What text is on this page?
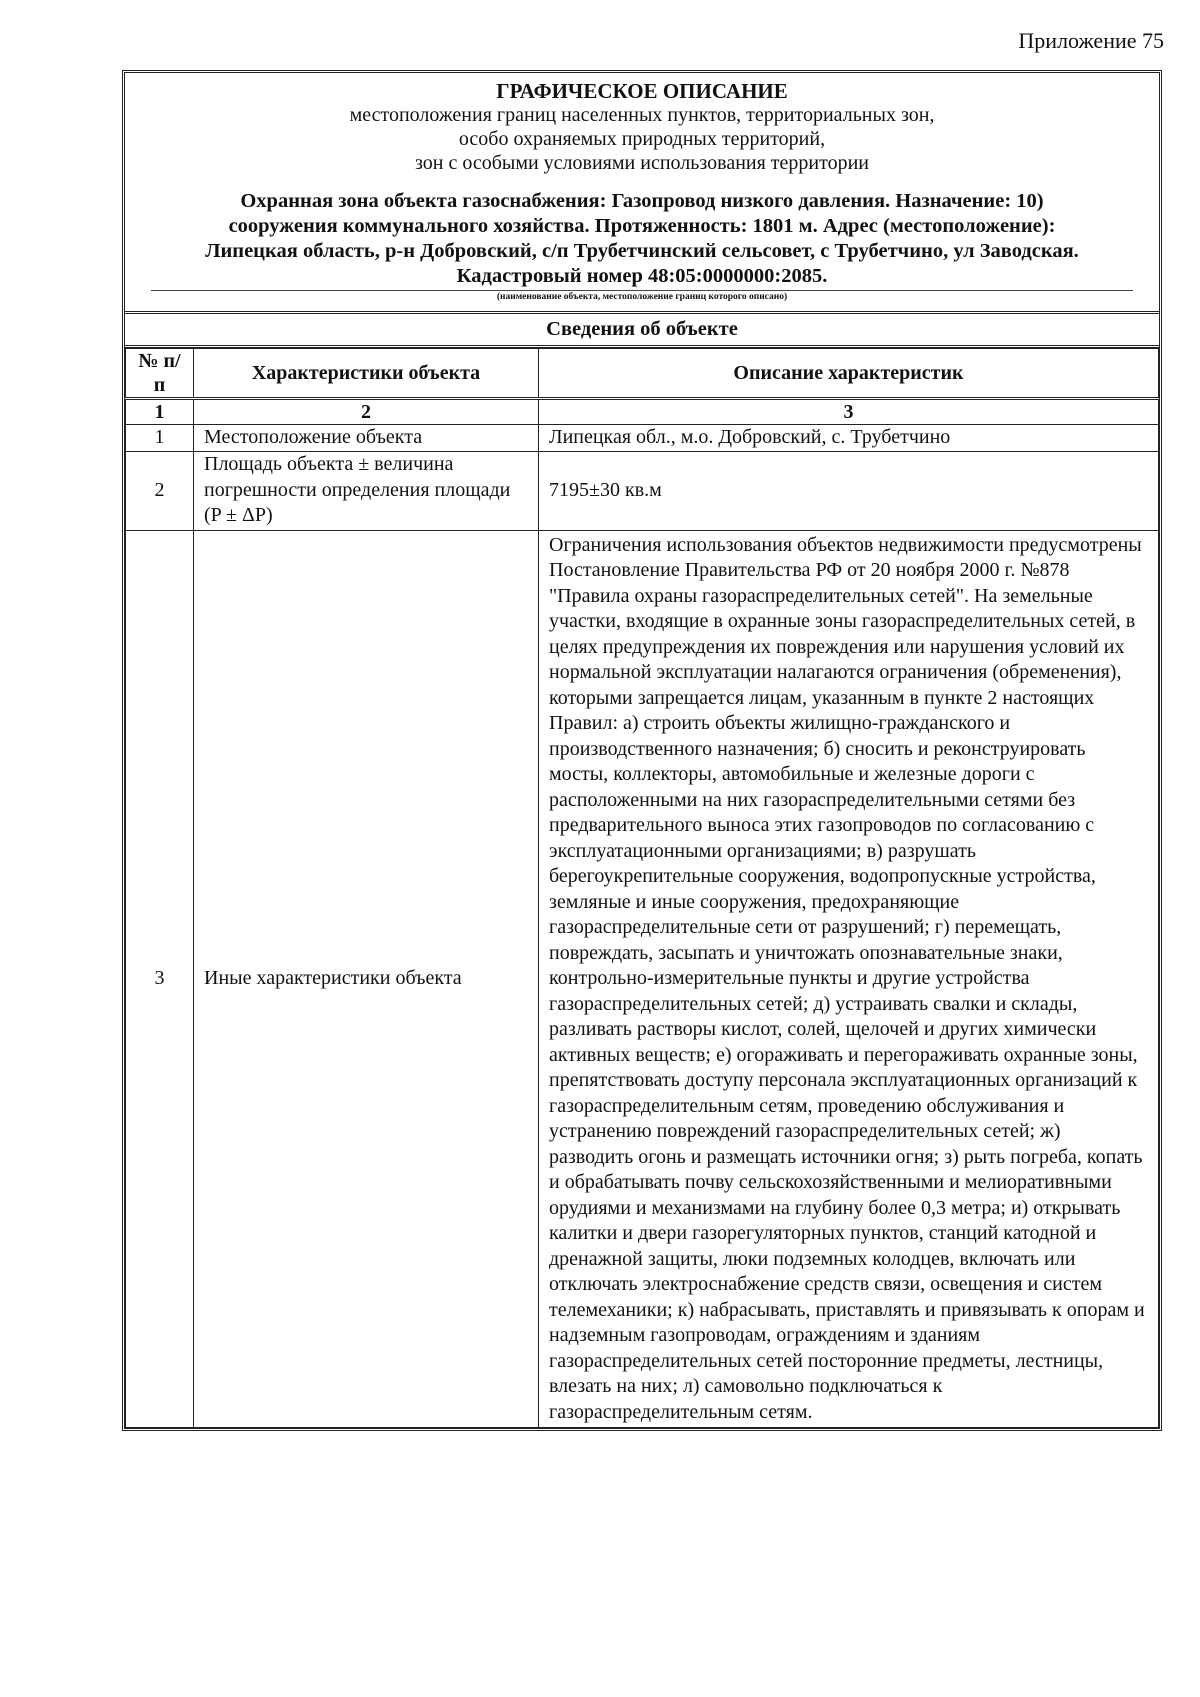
Приложение 75
ГРАФИЧЕСКОЕ ОПИСАНИЕ
местоположения границ населенных пунктов, территориальных зон,
особо охраняемых природных территорий,
зон с особыми условиями использования территории
Охранная зона объекта газоснабжения: Газопровод низкого давления. Назначение: 10)
сооружения коммунального хозяйства. Протяженность: 1801 м. Адрес (местоположение):
Липецкая область, р-н Добровский, с/п Трубетчинский сельсовет, с Трубетчино, ул Заводская.
Кадастровый номер 48:05:0000000:2085.
(наименование объекта, местоположение границ которого описано)
Сведения об объекте
№ п/п	Характеристики объекта	Описание характеристик
1	2	3
1	Местоположение объекта	Липецкая обл., м.о. Добровский, с. Трубетчино
2	Площадь объекта ± величина погрешности определения площади (P ± ΔP)	7195±30 кв.м
3	Иные характеристики объекта	Ограничения использования объектов недвижимости предусмотрены Постановление Правительства РФ от 20 ноября 2000 г. №878 "Правила охраны газораспределительных сетей". На земельные участки, входящие в охранные зоны газораспределительных сетей, в целях предупреждения их повреждения или нарушения условий их нормальной эксплуатации налагаются ограничения (обременения), которыми запрещается лицам, указанным в пункте 2 настоящих Правил: а) строить объекты жилищно-гражданского и производственного назначения; б) сносить и реконструировать мосты, коллекторы, автомобильные и железные дороги с расположенными на них газораспределительными сетями без предварительного выноса этих газопроводов по согласованию с эксплуатационными организациями; в) разрушать берегоукрепительные сооружения, водопропускные устройства, земляные и иные сооружения, предохраняющие газораспределительные сети от разрушений; г) перемещать, повреждать, засыпать и уничтожать опознавательные знаки, контрольно-измерительные пункты и другие устройства газораспределительных сетей; д) устраивать свалки и склады, разливать растворы кислот, солей, щелочей и других химически активных веществ; е) огораживать и перегораживать охранные зоны, препятствовать доступу персонала эксплуатационных организаций к газораспределительным сетям, проведению обслуживания и устранению повреждений газораспределительных сетей; ж) разводить огонь и размещать источники огня; з) рыть погреба, копать и обрабатывать почву сельскохозяйственными и мелиоративными орудиями и механизмами на глубину более 0,3 метра; и) открывать калитки и двери газорегуляторных пунктов, станций катодной и дренажной защиты, люки подземных колодцев, включать или отключать электроснабжение средств связи, освещения и систем телемеханики; к) набрасывать, приставлять и привязывать к опорам и надземным газопроводам, ограждениям и зданиям газораспределительных сетей посторонние предметы, лестницы, влезать на них; л) самовольно подключаться к газораспределительным сетям.
